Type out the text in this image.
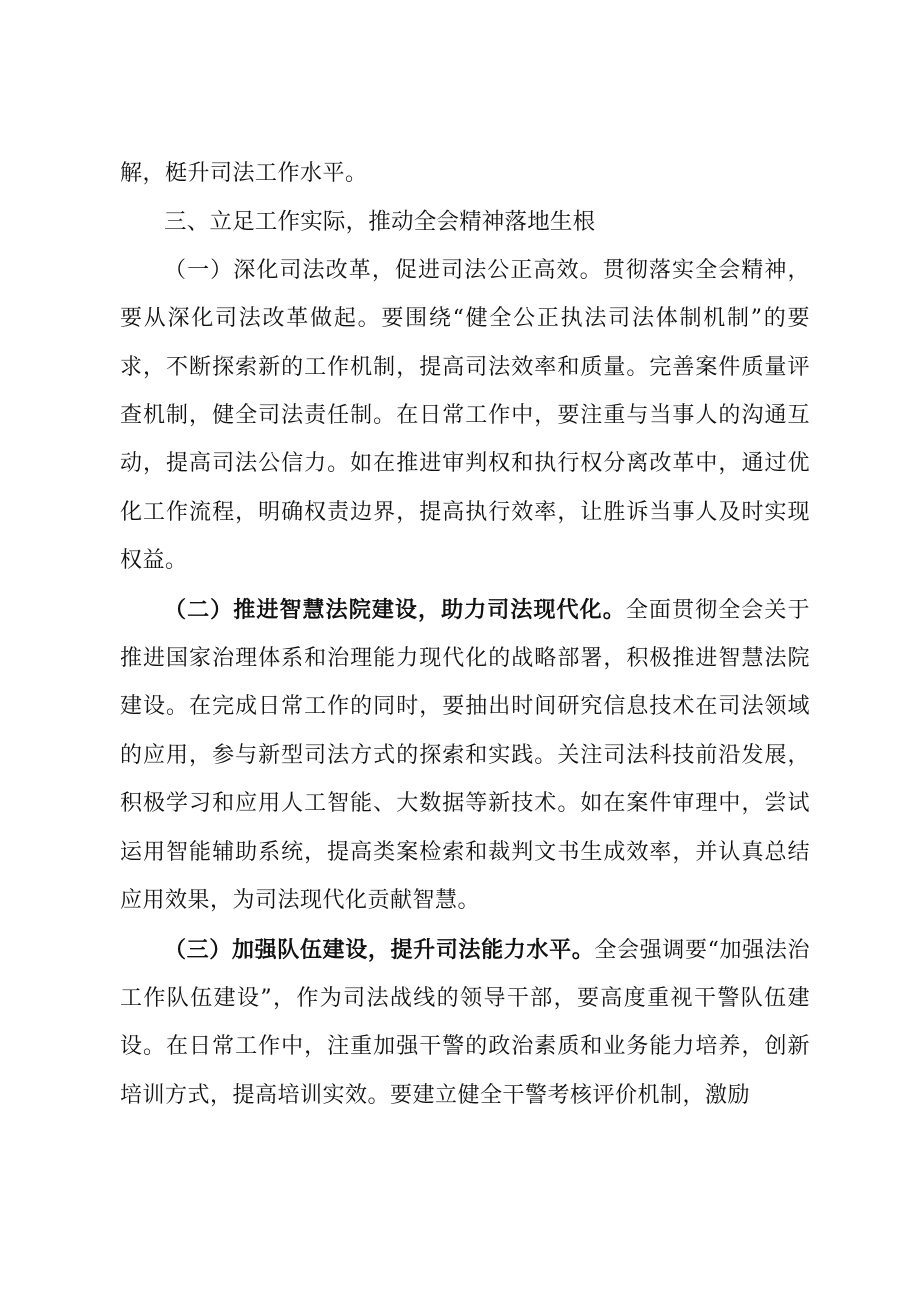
解，梃升司法工作水平。

三、立足工作实际，推动全会精神落地生根

（一）深化司法改革，促进司法公正高效。贯彻落实全会精神，要从深化司法改革做起。要围绕“健全公正执法司法体制机制”的要求，不断探索新的工作机制，提高司法效率和质量。完善案件质量评查机制，健全司法责任制。在日常工作中，要注重与当事人的沟通互动，提高司法公信力。如在推进审判权和执行权分离改革中，通过优化工作流程，明确权责边界，提高执行效率，让胜诉当事人及时实现权益。

（二）推进智慧法院建设，助力司法现代化。全面贯彻全会关于推进国家治理体系和治理能力现代化的战略部署，积极推进智慧法院建设。在完成日常工作的同时，要抽出时间研究信息技术在司法领域的应用，参与新型司法方式的探索和实践。关注司法科技前沿发展，积极学习和应用人工智能、大数据等新技术。如在案件审理中，尝试运用智能辅助系统，提高类案检索和裁判文书生成效率，并认真总结应用效果，为司法现代化贡献智慧。

（三）加强队伍建设，提升司法能力水平。全会强调要“加强法治工作队伍建设”，作为司法战线的领导干部，要高度重视干警队伍建设。在日常工作中，注重加强干警的政治素质和业务能力培养，创新培训方式，提高培训实效。要建立健全干警考核评价机制，激励
